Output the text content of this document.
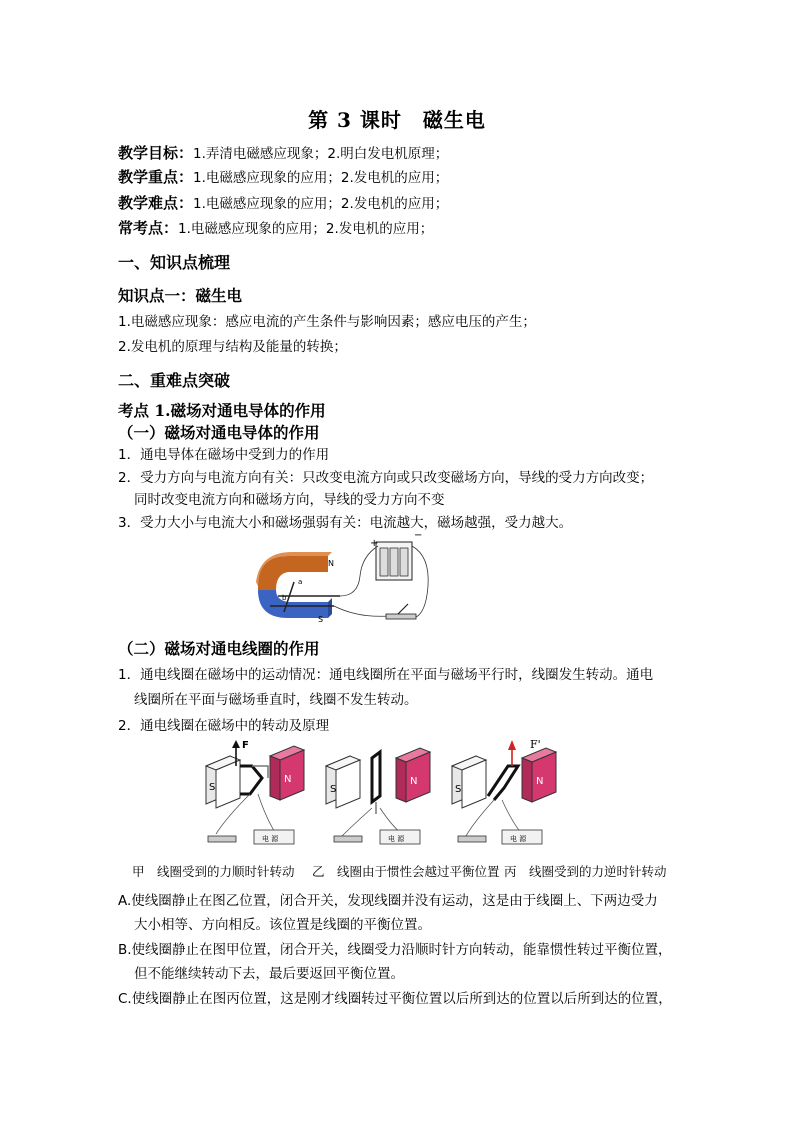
第 3 课时　磁生电
教学目标：1.弄清电磁感应现象；2.明白发电机原理；
教学重点：1.电磁感应现象的应用；2.发电机的应用；
教学难点：1.电磁感应现象的应用；2.发电机的应用；
常考点：1.电磁感应现象的应用；2.发电机的应用；
一、知识点梳理
知识点一：磁生电
1.电磁感应现象：感应电流的产生条件与影响因素；感应电压的产生；
2.发电机的原理与结构及能量的转换；
二、重难点突破
考点 1.磁场对通电导体的作用
（一）磁场对通电导体的作用
1．通电导体在磁场中受到力的作用
2．受力方向与电流方向有关：只改变电流方向或只改变磁场方向，导线的受力方向改变；
同时改变电流方向和磁场方向，导线的受力方向不变
3．受力大小与电流大小和磁场强弱有关：电流越大，磁场越强，受力越大。
N
S
a
b
+
−
（二）磁场对通电线圈的作用
1．通电线圈在磁场中的运动情况：通电线圈所在平面与磁场平行时，线圈发生转动。通电
线圈所在平面与磁场垂直时，线圈不发生转动。
2．通电线圈在磁场中的转动及原理
S
N
F
电 源
S
N
电 源
S
N
F'
电 源
甲　线圈受到的力顺时针转动 乙　线圈由于惯性会越过平衡位置 丙　线圈受到的力逆时针转动
A.使线圈静止在图乙位置，闭合开关，发现线圈并没有运动，这是由于线圈上、下两边受力
大小相等、方向相反。该位置是线圈的平衡位置。
B.使线圈静止在图甲位置，闭合开关，线圈受力沿顺时针方向转动，能靠惯性转过平衡位置，
但不能继续转动下去，最后要返回平衡位置。
C.使线圈静止在图丙位置，这是刚才线圈转过平衡位置以后所到达的位置以后所到达的位置，
